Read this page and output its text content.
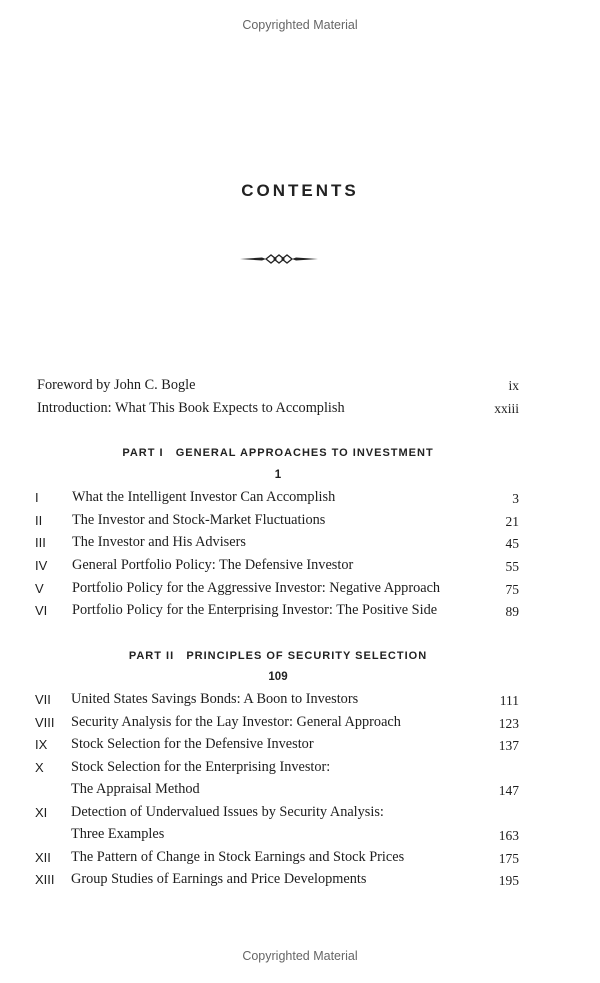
Copyrighted Material
CONTENTS
Foreword by John C. Bogle	ix
Introduction: What This Book Expects to Accomplish	xxiii
PART I GENERAL APPROACHES TO INVESTMENT
1
I What the Intelligent Investor Can Accomplish	3
II The Investor and Stock-Market Fluctuations	21
III The Investor and His Advisers	45
IV General Portfolio Policy: The Defensive Investor	55
V Portfolio Policy for the Aggressive Investor: Negative Approach	75
VI Portfolio Policy for the Enterprising Investor: The Positive Side	89
PART II PRINCIPLES OF SECURITY SELECTION
109
VII United States Savings Bonds: A Boon to Investors	111
VIII Security Analysis for the Lay Investor: General Approach	123
IX Stock Selection for the Defensive Investor	137
X Stock Selection for the Enterprising Investor:
The Appraisal Method	147
XI Detection of Undervalued Issues by Security Analysis:
Three Examples	163
XII The Pattern of Change in Stock Earnings and Stock Prices	175
XIII Group Studies of Earnings and Price Developments	195
Copyrighted Material
